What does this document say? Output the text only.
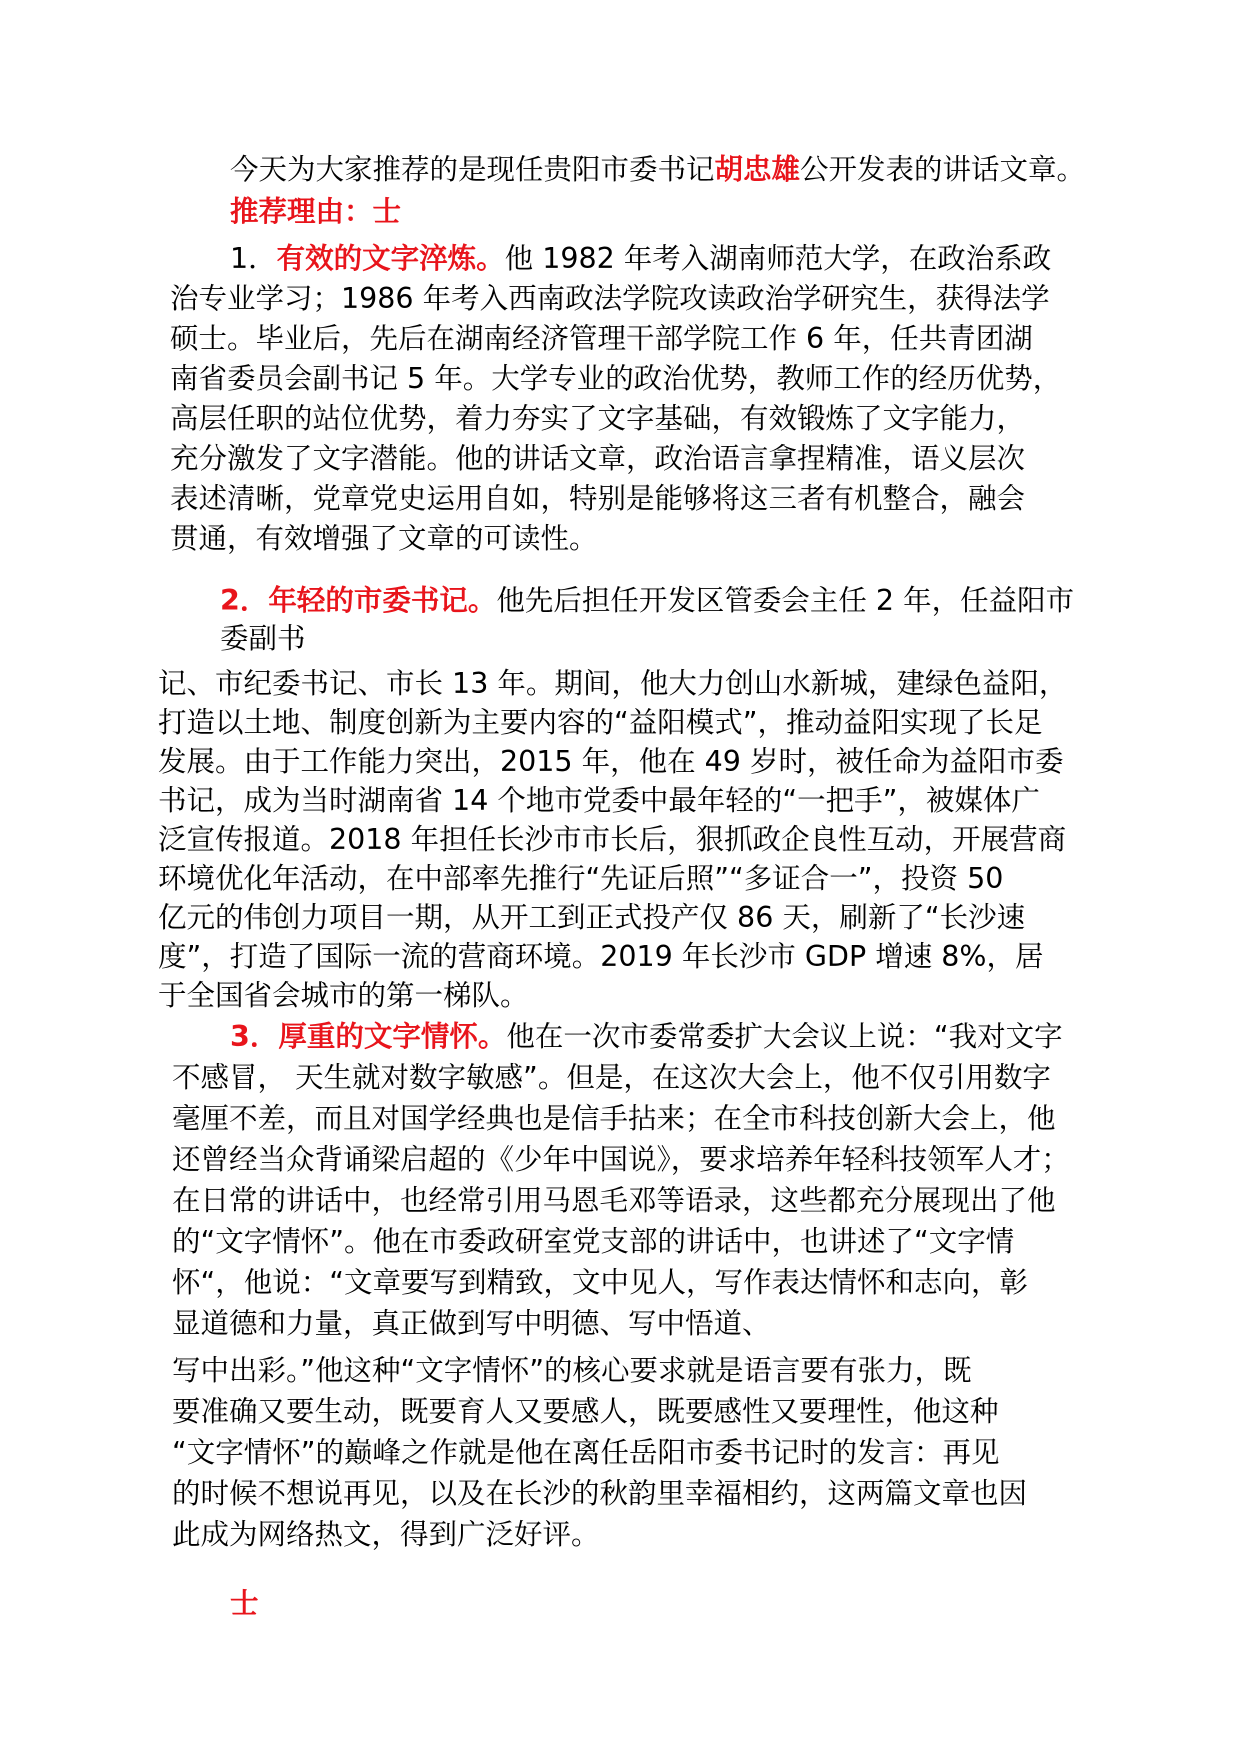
今天为大家推荐的是现任贵阳市委书记胡忠雄公开发表的讲话文章。
推荐理由：士
1．有效的文字淬炼。他 1982 年考入湖南师范大学，在政治系政
治专业学习；1986 年考入西南政法学院攻读政治学研究生，获得法学
硕士。毕业后，先后在湖南经济管理干部学院工作 6 年，任共青团湖
南省委员会副书记 5 年。大学专业的政治优势，教师工作的经历优势，
高层任职的站位优势，着力夯实了文字基础，有效锻炼了文字能力，
充分激发了文字潜能。他的讲话文章，政治语言拿捏精准，语义层次
表述清晰，党章党史运用自如，特别是能够将这三者有机整合，融会
贯通，有效增强了文章的可读性。
2．年轻的市委书记。他先后担任开发区管委会主任 2 年，任益阳市
委副书
记、市纪委书记、市长 13 年。期间，他大力创山水新城，建绿色益阳，
打造以土地、制度创新为主要内容的“益阳模式”，推动益阳实现了长足
发展。由于工作能力突出，2015 年，他在 49 岁时，被任命为益阳市委
书记，成为当时湖南省 14 个地市党委中最年轻的“一把手”，被媒体广
泛宣传报道。2018 年担任长沙市市长后，狠抓政企良性互动，开展营商
环境优化年活动，在中部率先推行“先证后照”“多证合一”，投资 50
亿元的伟创力项目一期，从开工到正式投产仅 86 天，刷新了“长沙速
度”，打造了国际一流的营商环境。2019 年长沙市 GDP 增速 8%，居
于全国省会城市的第一梯队。
3．厚重的文字情怀。他在一次市委常委扩大会议上说：“我对文字
不感冒， 天生就对数字敏感”。但是，在这次大会上，他不仅引用数字
毫厘不差，而且对国学经典也是信手拈来；在全市科技创新大会上，他
还曾经当众背诵梁启超的《少年中国说》，要求培养年轻科技领军人才；
在日常的讲话中，也经常引用马恩毛邓等语录，这些都充分展现出了他
的“文字情怀”。他在市委政研室党支部的讲话中，也讲述了“文字情
怀“，他说：“文章要写到精致，文中见人，写作表达情怀和志向，彰
显道德和力量，真正做到写中明德、写中悟道、
写中出彩。”他这种“文字情怀”的核心要求就是语言要有张力，既
要准确又要生动，既要育人又要感人，既要感性又要理性，他这种
“文字情怀”的巅峰之作就是他在离任岳阳市委书记时的发言：再见
的时候不想说再见，以及在长沙的秋韵里幸福相约，这两篇文章也因
此成为网络热文，得到广泛好评。
士
